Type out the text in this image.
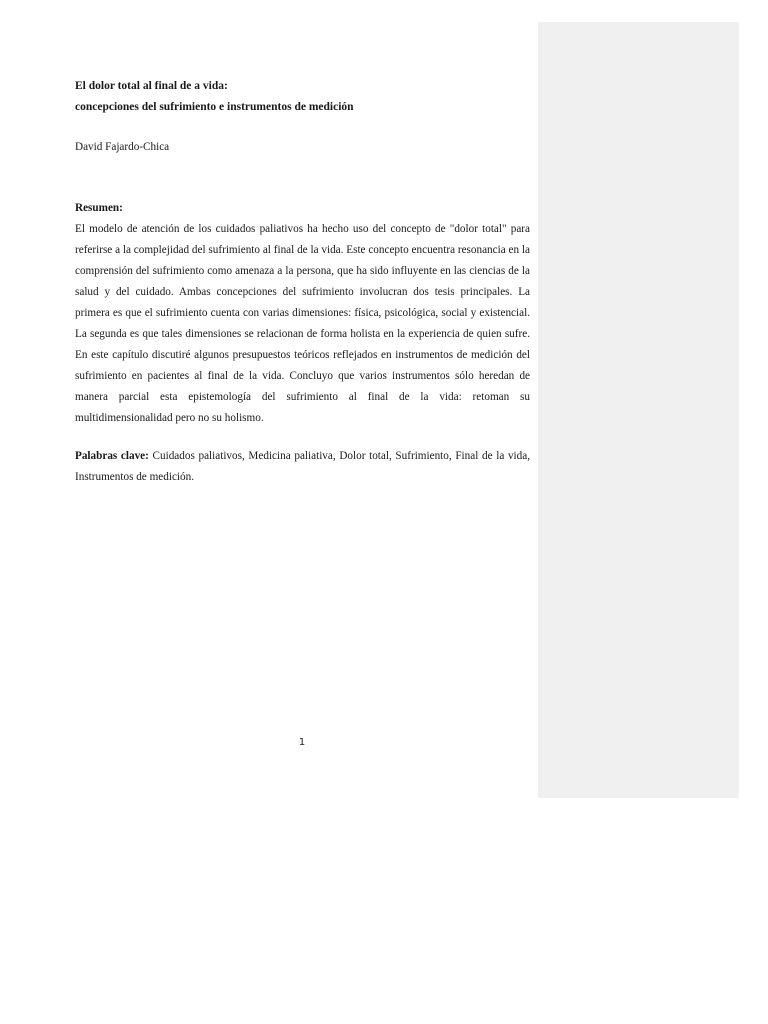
El dolor total al final de a vida:
concepciones del sufrimiento e instrumentos de medición

David Fajardo-Chica

Resumen:

El modelo de atención de los cuidados paliativos ha hecho uso del concepto de "dolor total" para referirse a la complejidad del sufrimiento al final de la vida. Este concepto encuentra resonancia en la comprensión del sufrimiento como amenaza a la persona, que ha sido influyente en las ciencias de la salud y del cuidado. Ambas concepciones del sufrimiento involucran dos tesis principales. La primera es que el sufrimiento cuenta con varias dimensiones: física, psicológica, social y existencial. La segunda es que tales dimensiones se relacionan de forma holista en la experiencia de quien sufre. En este capítulo discutiré algunos presupuestos teóricos reflejados en instrumentos de medición del sufrimiento en pacientes al final de la vida. Concluyo que varios instrumentos sólo heredan de manera parcial esta epistemología del sufrimiento al final de la vida: retoman su multidimensionalidad pero no su holismo.

Palabras clave: Cuidados paliativos, Medicina paliativa, Dolor total, Sufrimiento, Final de la vida, Instrumentos de medición.

1
